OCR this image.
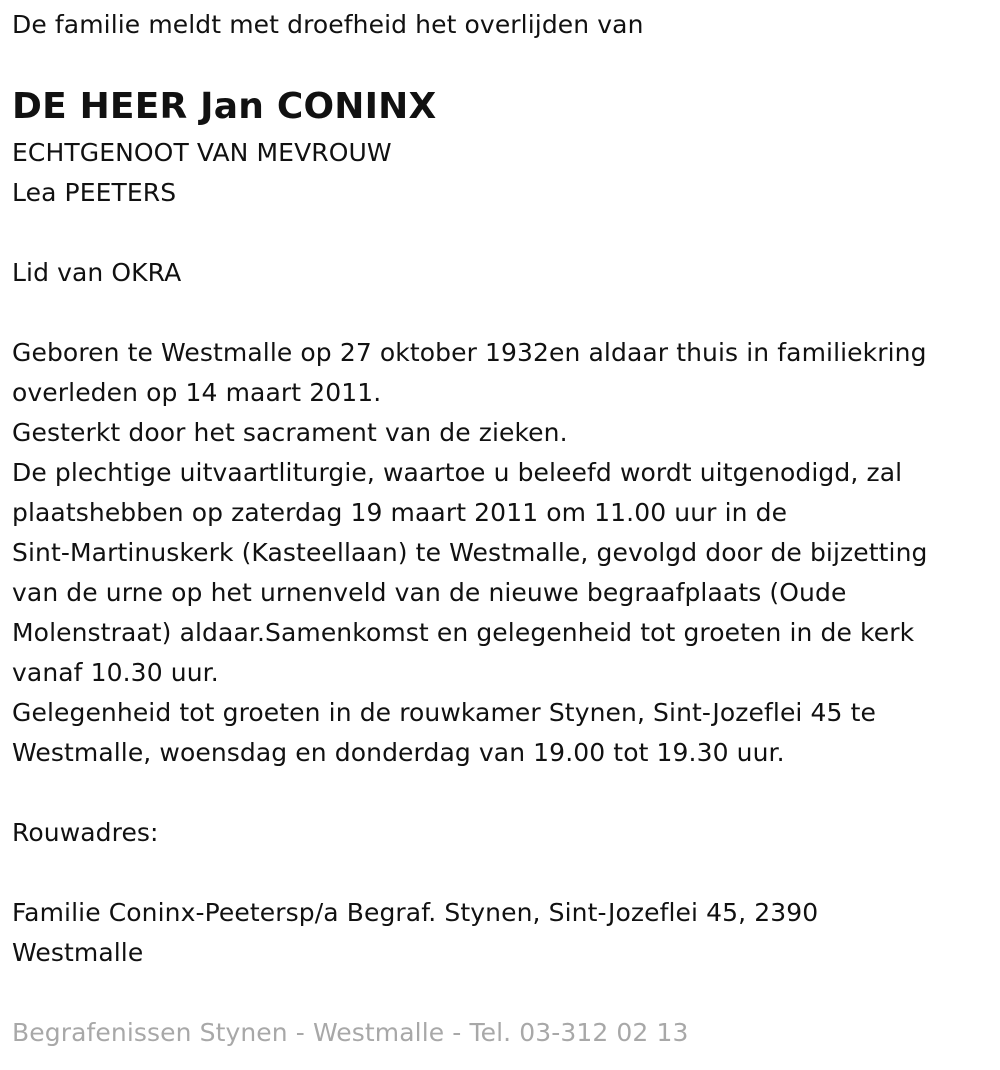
De familie meldt met droefheid het overlijden van
DE HEER Jan CONINX
ECHTGENOOT VAN MEVROUW
Lea PEETERS
Lid van OKRA
Geboren te Westmalle op 27 oktober 1932en aldaar thuis in familiekring
overleden op 14 maart 2011.
Gesterkt door het sacrament van de zieken.
De plechtige uitvaartliturgie, waartoe u beleefd wordt uitgenodigd, zal
plaatshebben op zaterdag 19 maart 2011 om 11.00 uur in de
Sint-Martinuskerk (Kasteellaan) te Westmalle, gevolgd door de bijzetting
van de urne op het urnenveld van de nieuwe begraafplaats (Oude
Molenstraat) aldaar.Samenkomst en gelegenheid tot groeten in de kerk
vanaf 10.30 uur.
Gelegenheid tot groeten in de rouwkamer Stynen, Sint-Jozeflei 45 te
Westmalle, woensdag en donderdag van 19.00 tot 19.30 uur.
Rouwadres:
Familie Coninx-Peetersp/a Begraf. Stynen, Sint-Jozeflei 45, 2390
Westmalle
Begrafenissen Stynen - Westmalle - Tel. 03-312 02 13
